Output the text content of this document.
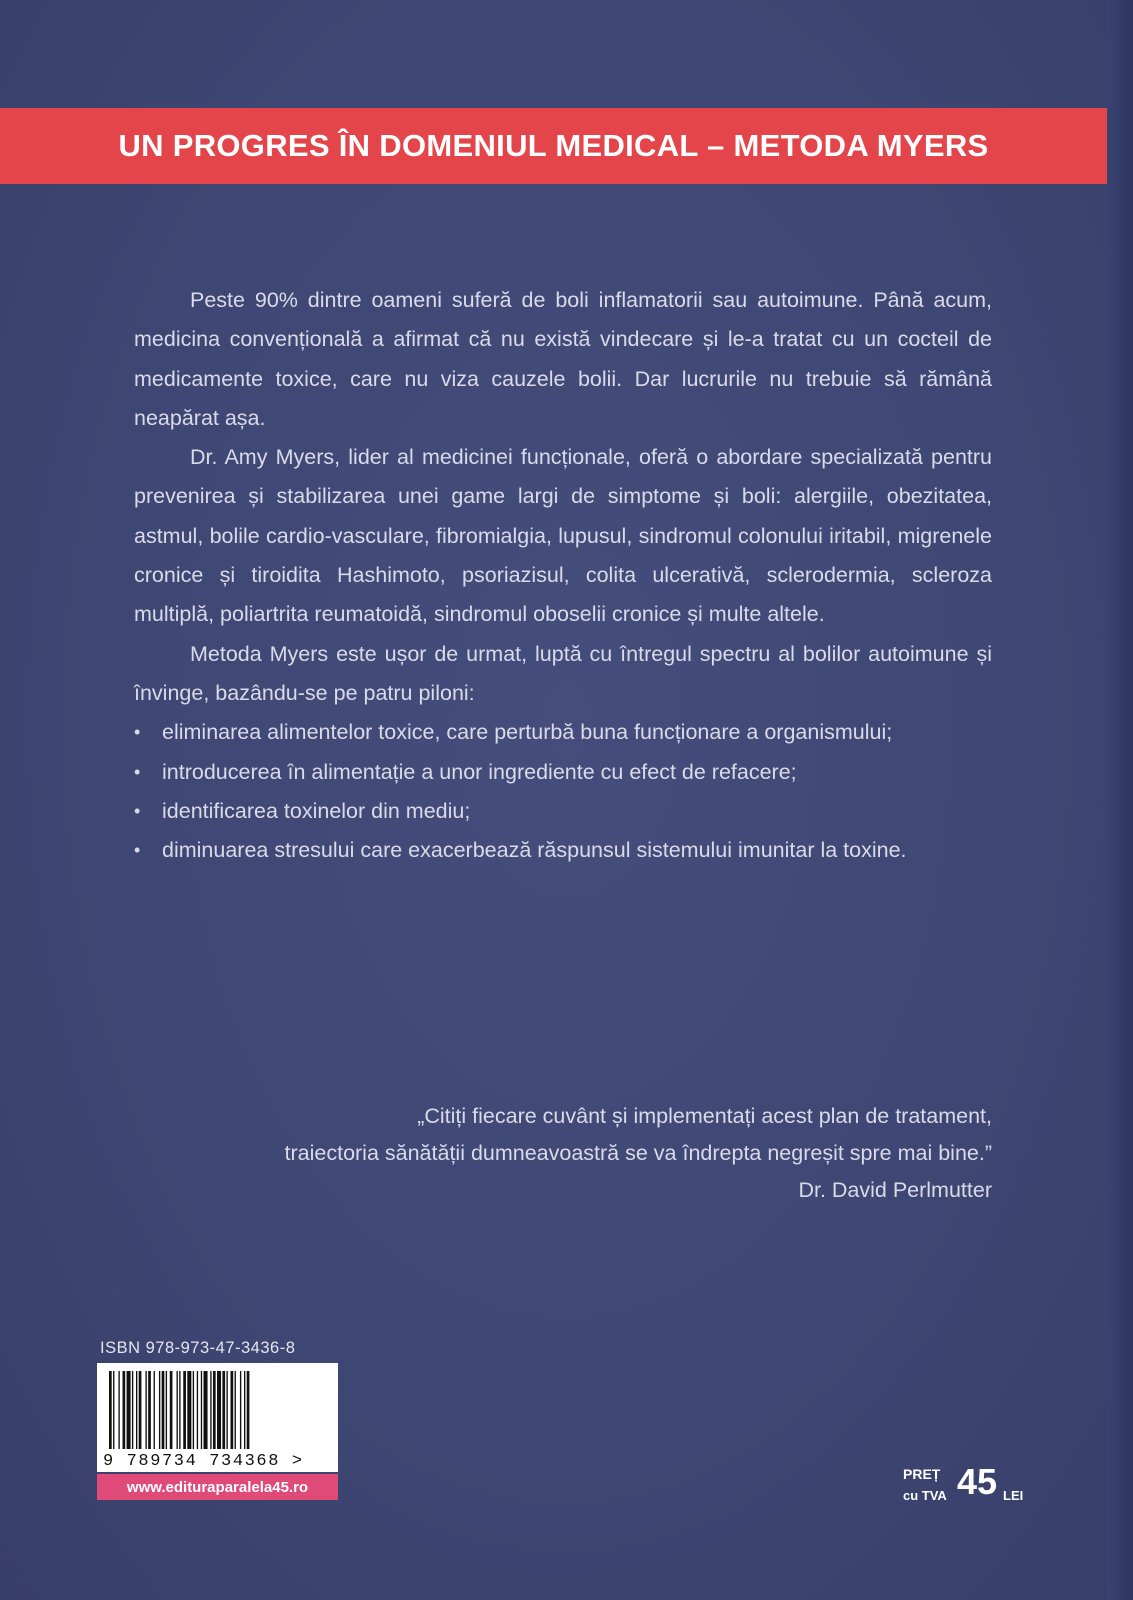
UN PROGRES ÎN DOMENIUL MEDICAL – METODA MYERS

Peste 90% dintre oameni suferă de boli inflamatorii sau autoimune. Până acum, medicina convențională a afirmat că nu există vindecare și le-a tratat cu un cocteil de medicamente toxice, care nu viza cauzele bolii. Dar lucrurile nu trebuie să rămână neapărat așa.

Dr. Amy Myers, lider al medicinei funcționale, oferă o abordare specializată pentru prevenirea și stabilizarea unei game largi de simptome și boli: alergiile, obezitatea, astmul, bolile cardio-vasculare, fibromialgia, lupusul, sindromul colonului iritabil, migrenele cronice și tiroidita Hashimoto, psoriazisul, colita ulcerativă, sclerodermia, scleroza multiplă, poliartrita reumatoidă, sindromul oboselii cronice și multe altele.

Metoda Myers este ușor de urmat, luptă cu întregul spectru al bolilor autoimune și învinge, bazându-se pe patru piloni:

•	eliminarea alimentelor toxice, care perturbă buna funcționare a organismului;
•	introducerea în alimentație a unor ingrediente cu efect de refacere;
•	identificarea toxinelor din mediu;
•	diminuarea stresului care exacerbează răspunsul sistemului imunitar la toxine.
„Citiți fiecare cuvânt și implementați acest plan de tratament,
traiectoria sănătății dumneavoastră se va îndrepta negreșit spre mai bine.”
Dr. David Perlmutter
ISBN 978-973-47-3436-8
9 789734 734368 >
www.edituraparalela45.ro
PREȚ
cu TVA 45 LEI
